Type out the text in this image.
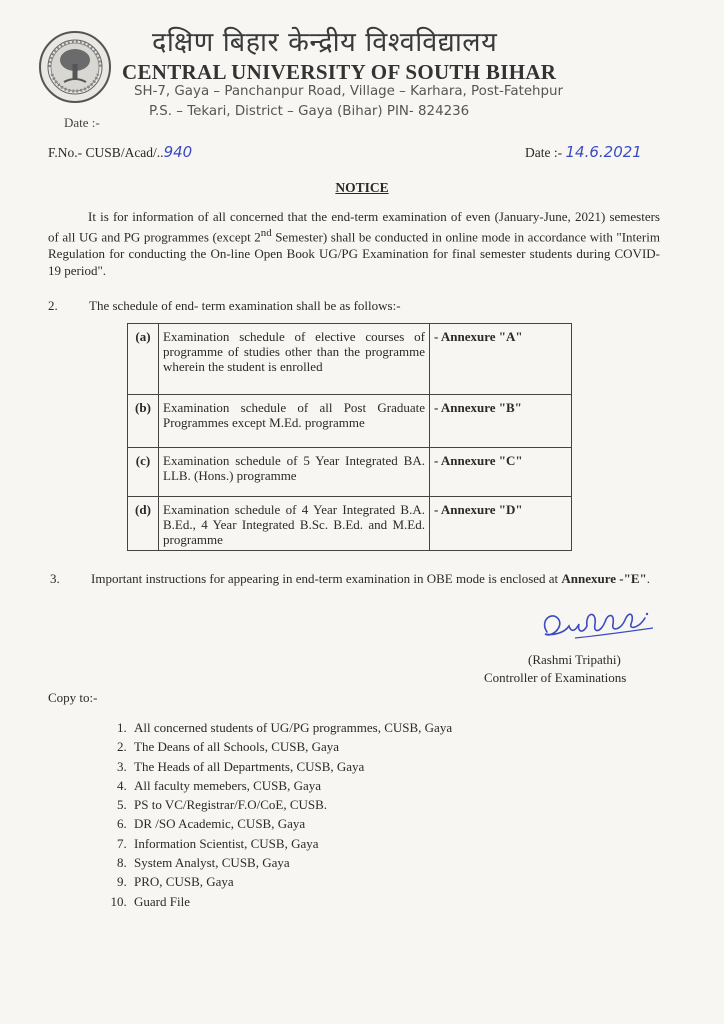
दक्षिण बिहार केन्द्रीय विश्वविद्यालय
CENTRAL UNIVERSITY OF SOUTH BIHAR
SH-7, Gaya – Panchanpur Road, Village – Karhara, Post-Fatehpur
P.S. – Tekari, District – Gaya (Bihar) PIN- 824236
Date :-
F.No.- CUSB/Acad/..940	Date :- 14.6.2021
NOTICE
It is for information of all concerned that the end-term examination of even (January-June, 2021) semesters of all UG and PG programmes (except 2nd Semester) shall be conducted in online mode in accordance with "Interim Regulation for conducting the On-line Open Book UG/PG Examination for final semester students during COVID-19 period".
2. The schedule of end- term examination shall be as follows:-
(a)	Examination schedule of elective courses of programme of studies other than the programme wherein the student is enrolled	- Annexure "A"
(b)	Examination schedule of all Post Graduate Programmes except M.Ed. programme	- Annexure "B"
(c)	Examination schedule of 5 Year Integrated BA. LLB. (Hons.) programme	- Annexure "C"
(d)	Examination schedule of 4 Year Integrated B.A. B.Ed., 4 Year Integrated B.Sc. B.Ed. and M.Ed. programme	- Annexure "D"
3. Important instructions for appearing in end-term examination in OBE mode is enclosed at Annexure -"E".
(Rashmi Tripathi)
Controller of Examinations
Copy to:-
1. All concerned students of UG/PG programmes, CUSB, Gaya
2. The Deans of all Schools, CUSB, Gaya
3. The Heads of all Departments, CUSB, Gaya
4. All faculty memebers, CUSB, Gaya
5. PS to VC/Registrar/F.O/CoE, CUSB.
6. DR /SO Academic, CUSB, Gaya
7. Information Scientist, CUSB, Gaya
8. System Analyst, CUSB, Gaya
9. PRO, CUSB, Gaya
10. Guard File
